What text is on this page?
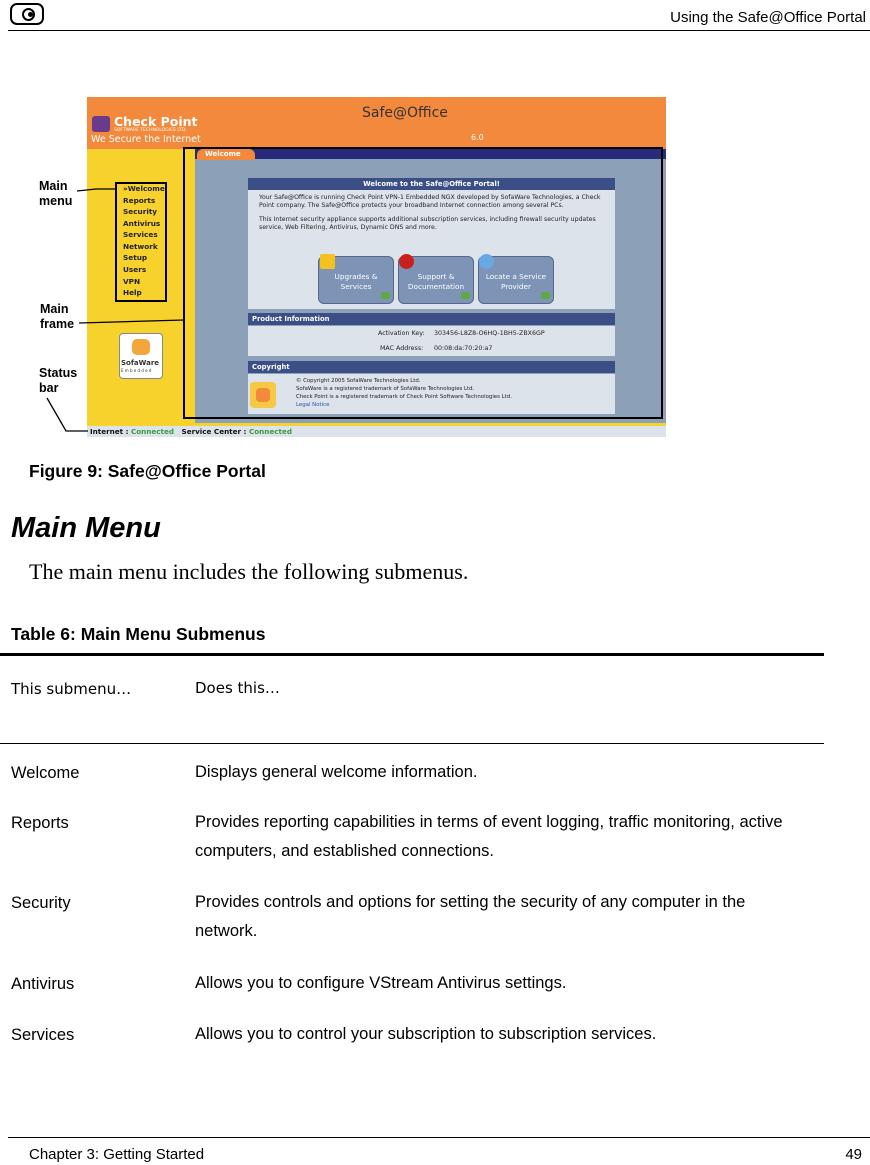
Using the Safe@Office Portal
Check Point
SOFTWARE TECHNOLOGIES LTD.
We Secure the Internet
Safe@Office
6.0
Welcome
»Welcome
Reports
Security
Antivirus
Services
Network
Setup
Users
VPN
Help
SofaWare
E m b e d d e d
Welcome to the Safe@Office Portal!
Your Safe@Office is running Check Point VPN-1 Embedded NGX developed by SofaWare Technologies, a Check Point company. The Safe@Office protects your broadband Internet connection among several PCs.
This Internet security appliance supports additional subscription services, including firewall security updates service, Web Filtering, Antivirus, Dynamic DNS and more.
Upgrades & Services
Support & Documentation
Locate a Service Provider
Product Information
Activation Key: 303456-L8Z8-O6HQ-1BH5-ZBX6GP
MAC Address: 00:08:da:70:20:a7
Copyright
© Copyright 2005 SofaWare Technologies Ltd.
SofaWare is a registered trademark of SofaWare Technologies Ltd.
Check Point is a registered trademark of Check Point Software Technologies Ltd.
Legal Notice
Internet : Connected Service Center : Connected
Main menu
Main frame
Status bar
Figure 9: Safe@Office Portal
Main Menu
The main menu includes the following submenus.
Table 6: Main Menu Submenus
This submenu…	Does this…
Welcome	Displays general welcome information.
Reports	Provides reporting capabilities in terms of event logging, traffic monitoring, active computers, and established connections.
Security	Provides controls and options for setting the security of any computer in the network.
Antivirus	Allows you to configure VStream Antivirus settings.
Services	Allows you to control your subscription to subscription services.
Chapter 3: Getting Started	49
